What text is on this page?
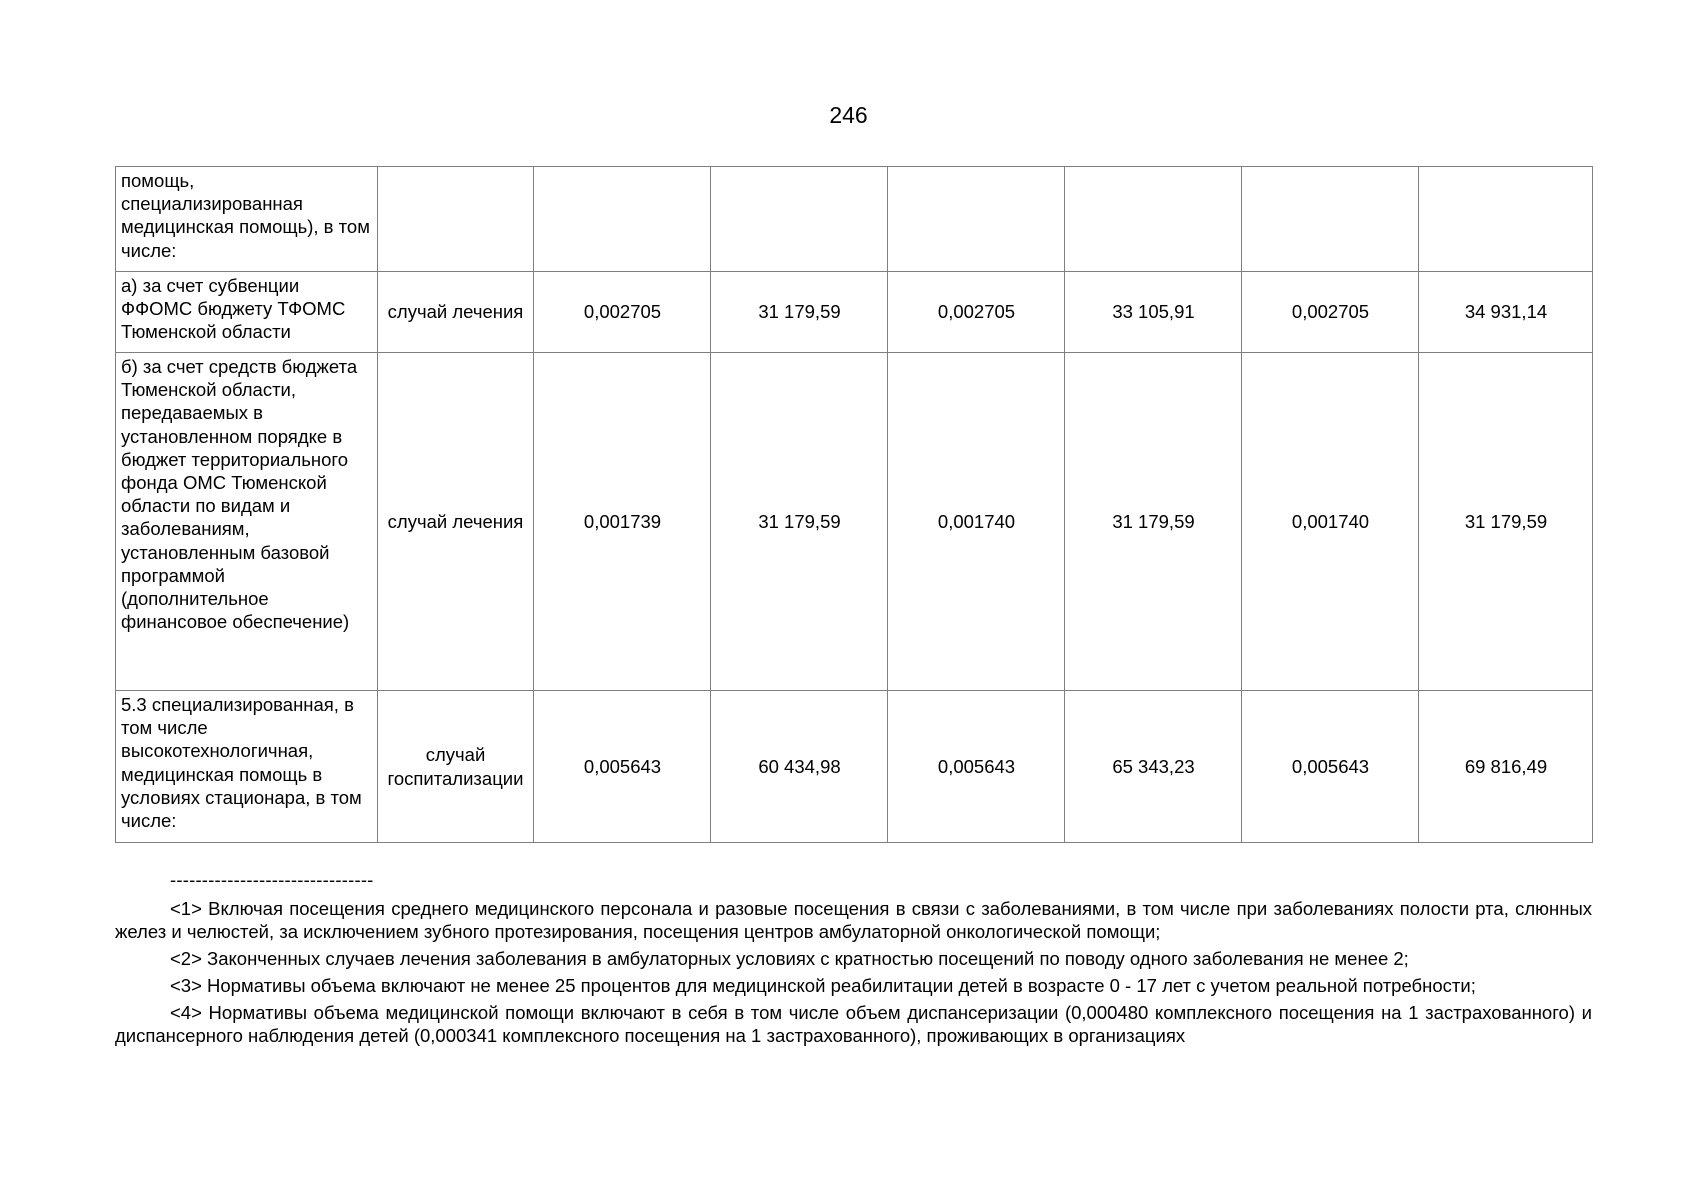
246
помощь, специализированная медицинская помощь), в том числе:							
а) за счет субвенции ФФОМС бюджету ТФОМС Тюменской области	случай лечения	0,002705	31 179,59	0,002705	33 105,91	0,002705	34 931,14
б) за счет средств бюджета Тюменской области, передаваемых в установленном порядке в бюджет территориального фонда ОМС Тюменской области по видам и заболеваниям, установленным базовой программой (дополнительное финансовое обеспечение)	случай лечения	0,001739	31 179,59	0,001740	31 179,59	0,001740	31 179,59
5.3 специализированная, в том числе высокотехнологичная, медицинская помощь в условиях стационара, в том числе:	случай госпитализации	0,005643	60 434,98	0,005643	65 343,23	0,005643	69 816,49
--------------------------------

<1> Включая посещения среднего медицинского персонала и разовые посещения в связи с заболеваниями, в том числе при заболеваниях полости рта, слюнных желез и челюстей, за исключением зубного протезирования, посещения центров амбулаторной онкологической помощи;

<2> Законченных случаев лечения заболевания в амбулаторных условиях с кратностью посещений по поводу одного заболевания не менее 2;

<3> Нормативы объема включают не менее 25 процентов для медицинской реабилитации детей в возрасте 0 - 17 лет с учетом реальной потребности;

<4> Нормативы объема медицинской помощи включают в себя в том числе объем диспансеризации (0,000480 комплексного посещения на 1 застрахованного) и диспансерного наблюдения детей (0,000341 комплексного посещения на 1 застрахованного), проживающих в организациях
